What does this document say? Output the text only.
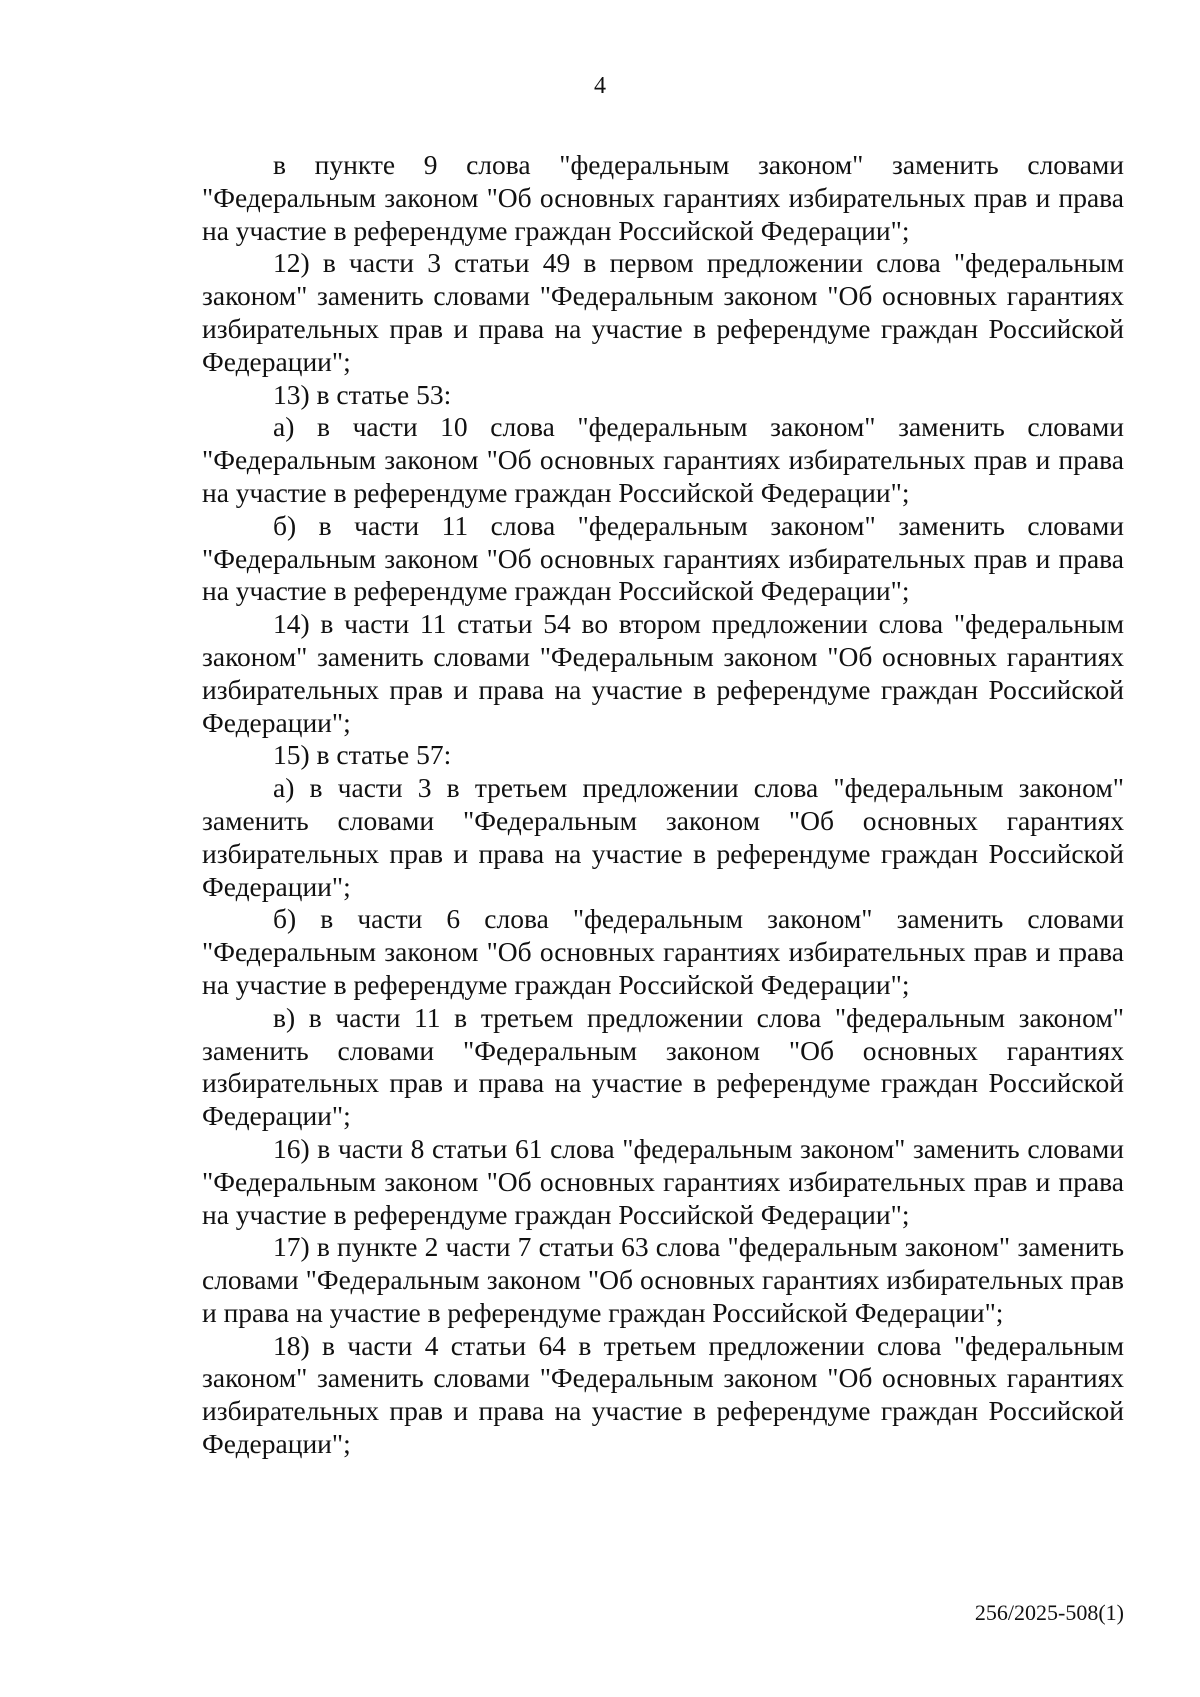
4

в пункте 9 слова "федеральным законом" заменить словами "Федеральным законом "Об основных гарантиях избирательных прав и права на участие в референдуме граждан Российской Федерации";

12) в части 3 статьи 49 в первом предложении слова "федеральным законом" заменить словами "Федеральным законом "Об основных гарантиях избирательных прав и права на участие в референдуме граждан Российской Федерации";

13) в статье 53:

а) в части 10 слова "федеральным законом" заменить словами "Федеральным законом "Об основных гарантиях избирательных прав и права на участие в референдуме граждан Российской Федерации";

б) в части 11 слова "федеральным законом" заменить словами "Федеральным законом "Об основных гарантиях избирательных прав и права на участие в референдуме граждан Российской Федерации";

14) в части 11 статьи 54 во втором предложении слова "федеральным законом" заменить словами "Федеральным законом "Об основных гарантиях избирательных прав и права на участие в референдуме граждан Российской Федерации";

15) в статье 57:

а) в части 3 в третьем предложении слова "федеральным законом" заменить словами "Федеральным законом "Об основных гарантиях избирательных прав и права на участие в референдуме граждан Российской Федерации";

б) в части 6 слова "федеральным законом" заменить словами "Федеральным законом "Об основных гарантиях избирательных прав и права на участие в референдуме граждан Российской Федерации";

в) в части 11 в третьем предложении слова "федеральным законом" заменить словами "Федеральным законом "Об основных гарантиях избирательных прав и права на участие в референдуме граждан Российской Федерации";

16) в части 8 статьи 61 слова "федеральным законом" заменить словами "Федеральным законом "Об основных гарантиях избирательных прав и права на участие в референдуме граждан Российской Федерации";

17) в пункте 2 части 7 статьи 63 слова "федеральным законом" заменить словами "Федеральным законом "Об основных гарантиях избирательных прав и права на участие в референдуме граждан Российской Федерации";

18) в части 4 статьи 64 в третьем предложении слова "федеральным законом" заменить словами "Федеральным законом "Об основных гарантиях избирательных прав и права на участие в референдуме граждан Российской Федерации";

256/2025-508(1)
